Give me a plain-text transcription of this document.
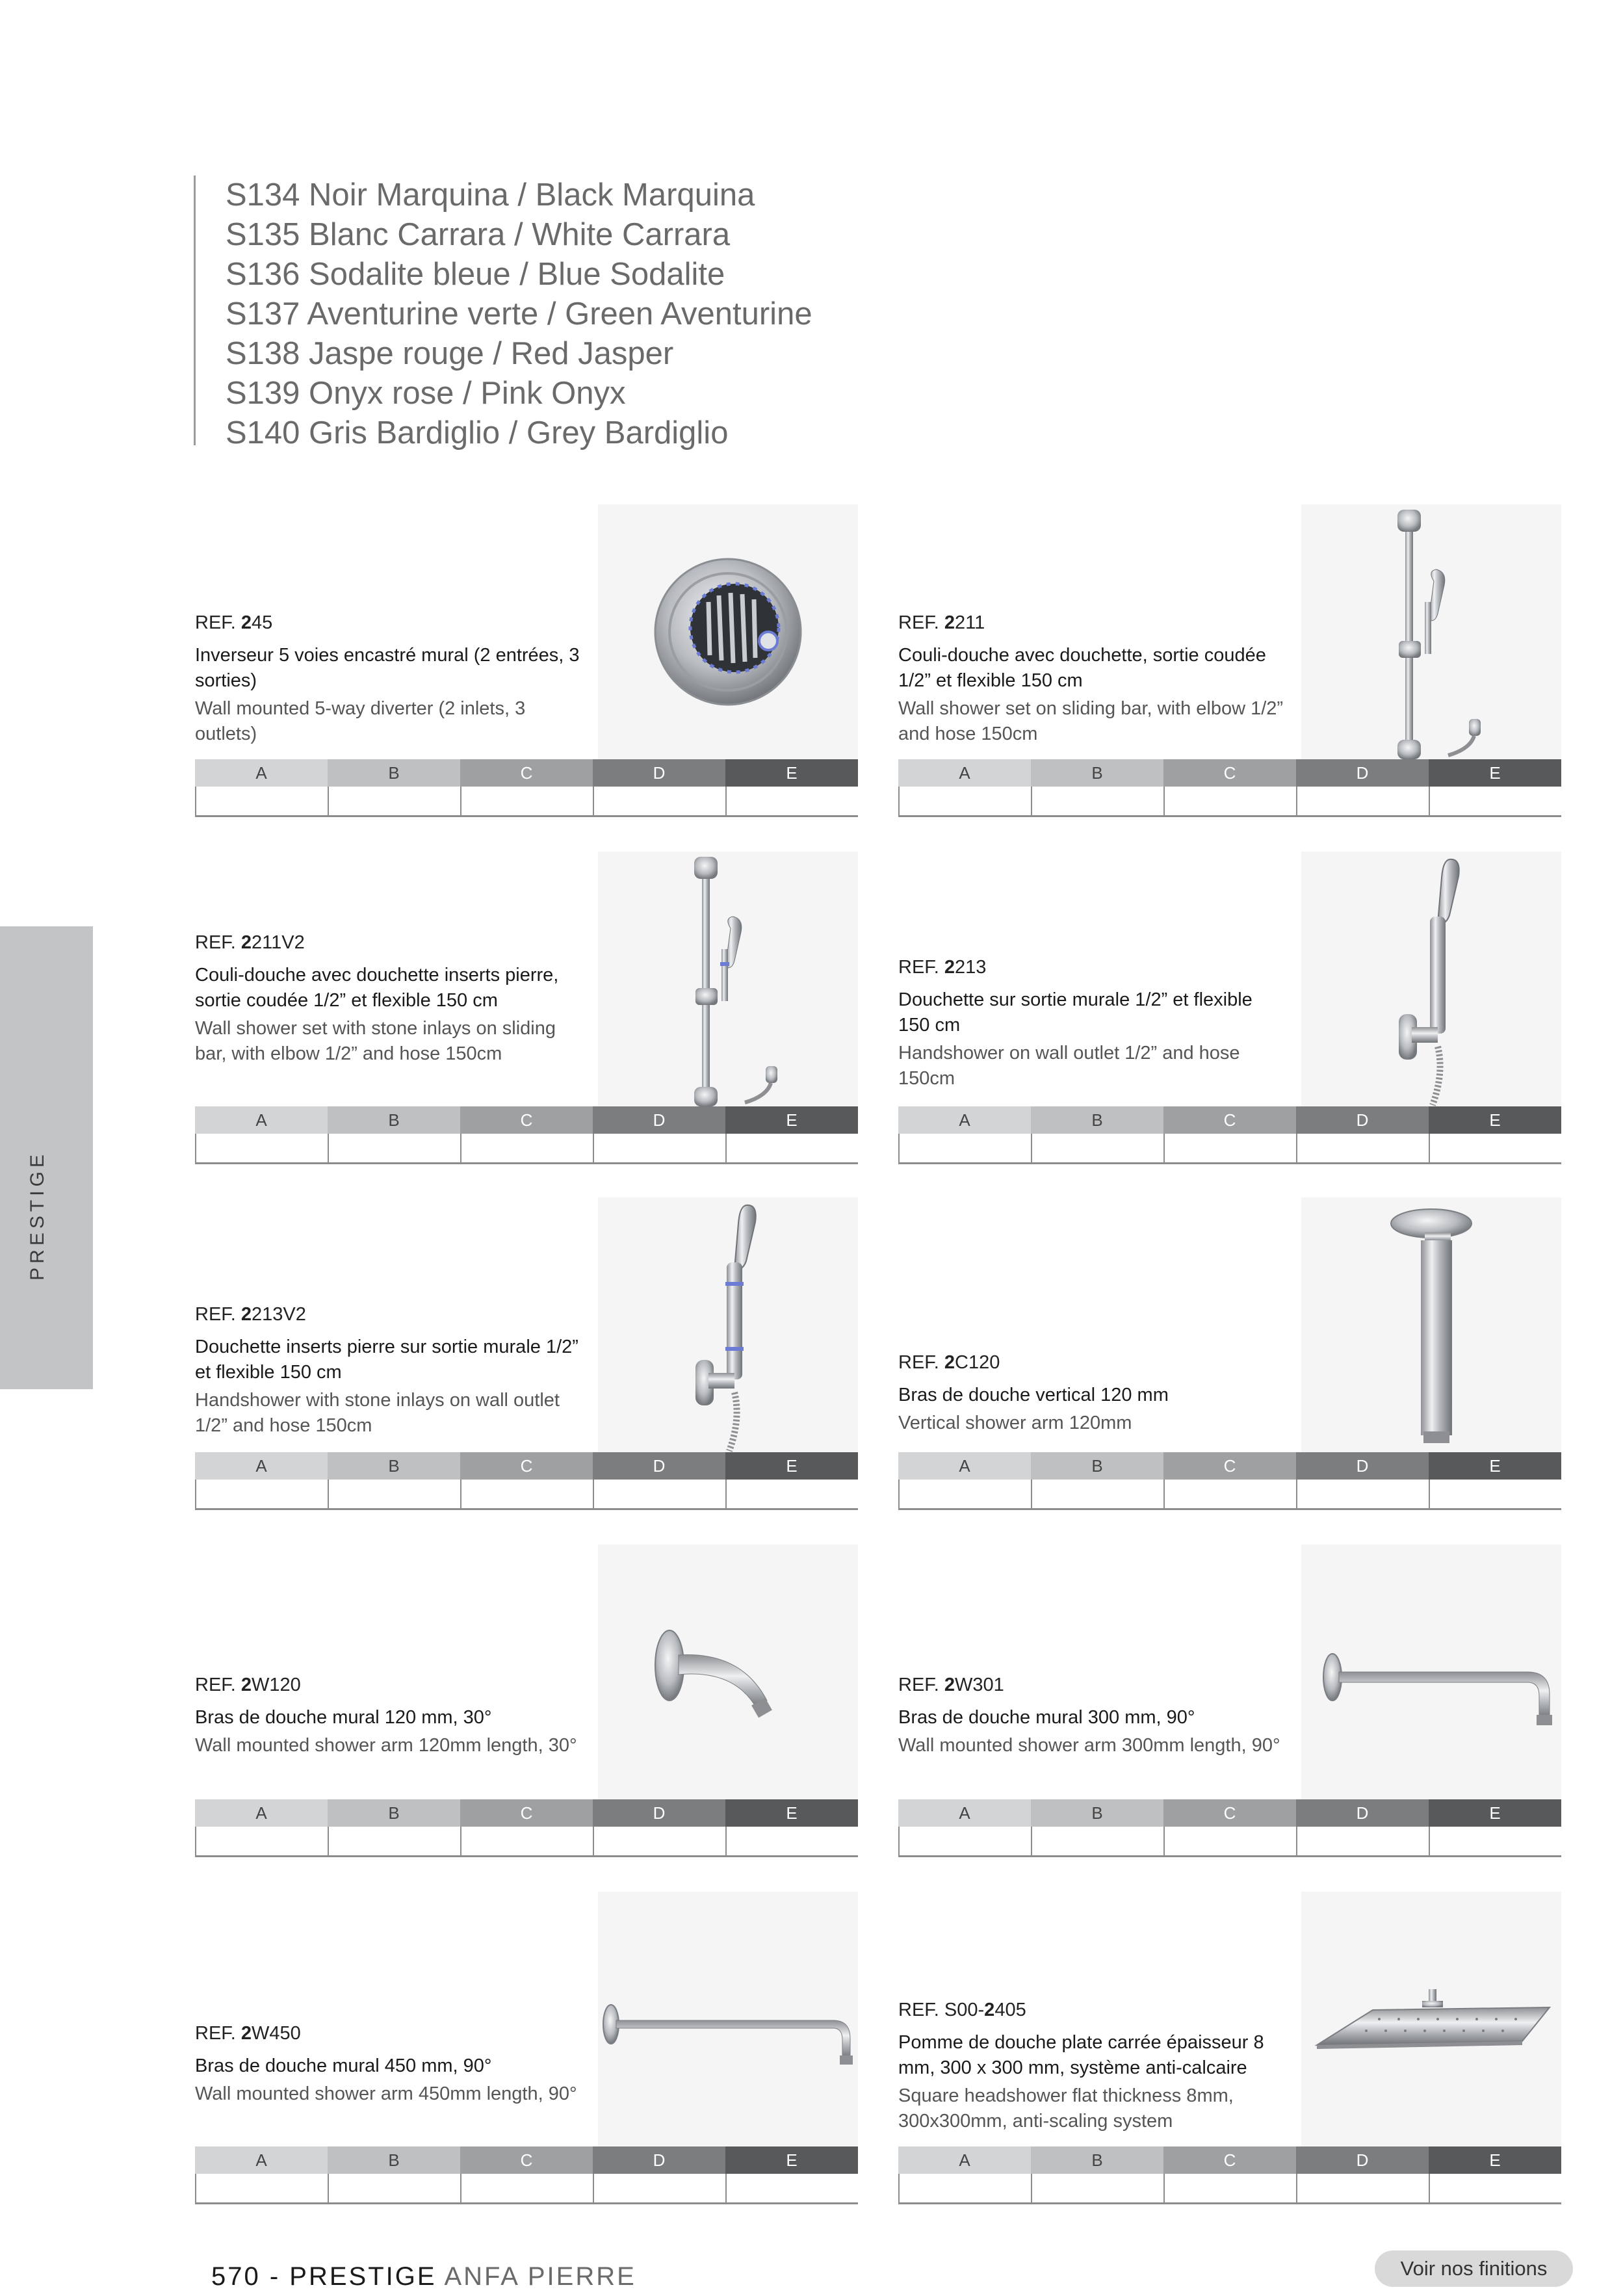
S134 Noir Marquina / Black Marquina
S135 Blanc Carrara / White Carrara
S136 Sodalite bleue / Blue Sodalite
S137 Aventurine verte / Green Aventurine
S138 Jaspe rouge / Red Jasper
S139 Onyx rose / Pink Onyx
S140 Gris Bardiglio / Grey Bardiglio
PRESTIGE
REF. 245
Inverseur 5 voies encastré mural (2 entrées, 3 sorties)
Wall mounted 5-way diverter (2 inlets, 3 outlets)
A	B	C	D	E
REF. 2211
Couli-douche avec douchette, sortie coudée 1/2” et flexible 150 cm
Wall shower set on sliding bar, with elbow 1/2” and hose 150cm
A	B	C	D	E
REF. 2211V2
Couli-douche avec douchette inserts pierre, sortie coudée 1/2” et flexible 150 cm
Wall shower set with stone inlays on sliding bar, with elbow 1/2” and hose 150cm
A	B	C	D	E
REF. 2213
Douchette sur sortie murale 1/2” et flexible 150 cm
Handshower on wall outlet 1/2” and hose 150cm
A	B	C	D	E
REF. 2213V2
Douchette inserts pierre sur sortie murale 1/2” et flexible 150 cm
Handshower with stone inlays on wall outlet 1/2” and hose 150cm
A	B	C	D	E
REF. 2C120
Bras de douche vertical 120 mm
Vertical shower arm 120mm
A	B	C	D	E
REF. 2W120
Bras de douche mural 120 mm, 30°
Wall mounted shower arm 120mm length, 30°
A	B	C	D	E
REF. 2W301
Bras de douche mural 300 mm, 90°
Wall mounted shower arm 300mm length, 90°
A	B	C	D	E
REF. 2W450
Bras de douche mural 450 mm, 90°
Wall mounted shower arm 450mm length, 90°
A	B	C	D	E
REF. S00-2405
Pomme de douche plate carrée épaisseur 8 mm, 300 x 300 mm, système anti-calcaire
Square headshower flat thickness 8mm, 300x300mm, anti-scaling system
A	B	C	D	E
570 - PRESTIGE ANFA PIERRE	Voir nos finitions
